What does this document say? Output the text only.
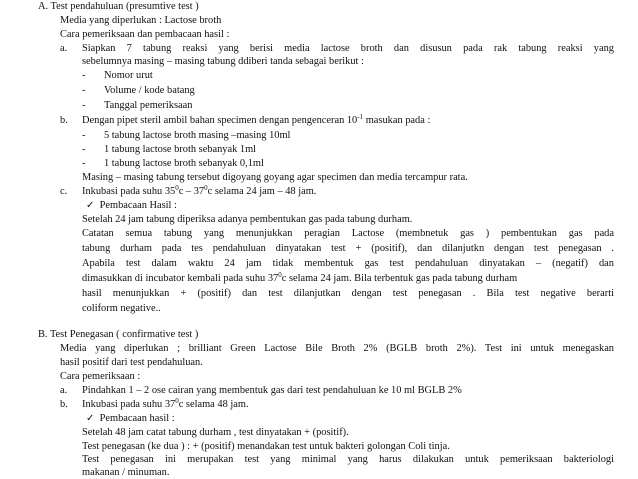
A. Test pendahuluan (presumtive test )
Media yang diperlukan : Lactose broth
Cara pemeriksaan dan pembacaan hasil :
a. Siapkan 7 tabung reaksi yang berisi media lactose broth dan disusun pada rak tabung reaksi yang
sebelumnya masing – masing tabung ddiberi tanda sebagai berikut :
- Nomor urut
- Volume / kode batang
- Tanggal pemeriksaan
b. Dengan pipet steril ambil bahan specimen dengan pengenceran $10^{-1}$ masukan pada :
- 5 tabung lactose broth masing –masing 10ml
- 1 tabung lactose broth sebanyak 1ml
- 1 tabung lactose broth sebanyak 0,1ml
Masing – masing tabung tersebut digoyang goyang agar specimen dan media tercampur rata.
c. Inkubasi pada suhu $35^0c - 37^0c$ selama 24 jam – 48 jam.
✓ Pembacaan Hasil :
Setelah 24 jam tabung diperiksa adanya pembentukan gas pada tabung durham.
Catatan semua tabung yang menunjukkan peragian Lactose (membnetuk gas ) pembentukan gas pada
tabung durham pada tes pendahuluan dinyatakan test + (positif), dan dilanjutkn dengan test penegasan .
Apabila test dalam waktu 24 jam tidak membentuk gas test pendahuluan dinyatakan – (negatif) dan
dimasukkan di incubator kembali pada suhu $37^0c$ selama 24 jam. Bila terbentuk gas pada tabung durham
hasil menunjukkan + (positif) dan test dilanjutkan dengan test penegasan . Bila test negative berarti
coliform negative..
B. Test Penegasan ( confirmative test )
Media yang diperlukan ; brilliant Green Lactose Bile Broth 2% (BGLB broth 2%). Test ini untuk menegaskan
hasil positif dari test pendahuluan.
Cara pemeriksaan :
a. Pindahkan 1 – 2 ose cairan yang membentuk gas dari test pendahuluan ke 10 ml BGLB 2%
b. Inkubasi pada suhu $37^0c$ selama 48 jam.
✓ Pembacaan hasil :
Setelah 48 jam catat tabung durham , test dinyatakan + (positif).
Test penegasan (ke dua ) : + (positif) menandakan test untuk bakteri golongan Coli tinja.
Test penegasan ini merupakan test yang minimal yang harus dilakukan untuk pemeriksaan bakteriologi
makanan / minuman.
